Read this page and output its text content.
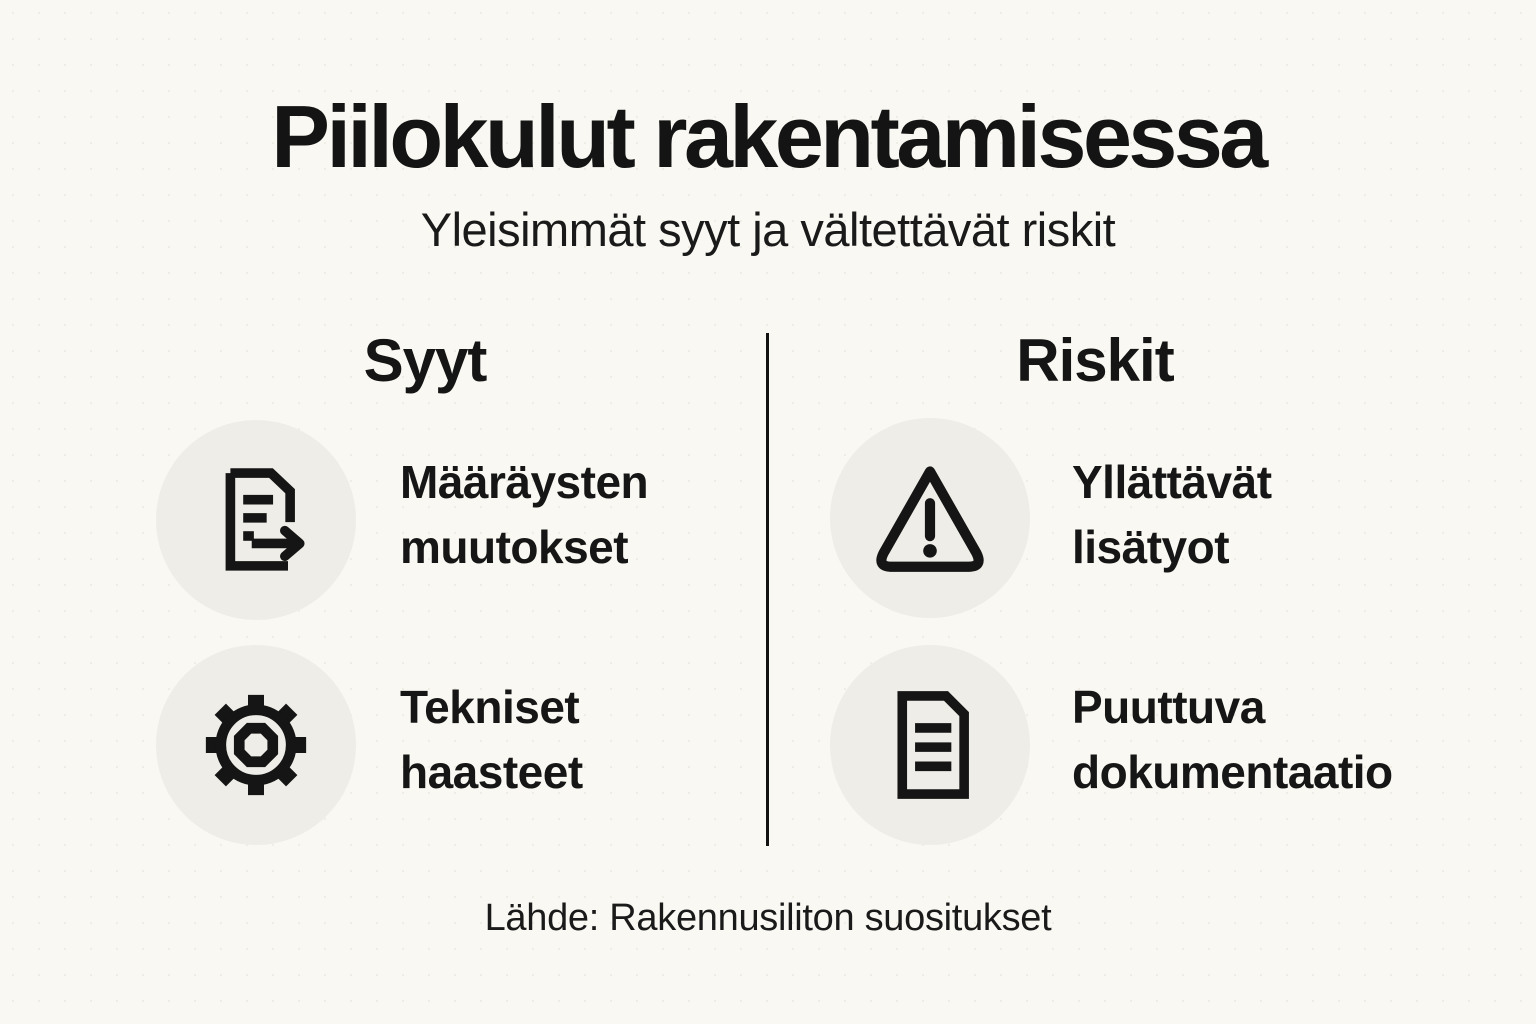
Piilokulut rakentamisessa
Yleisimmät syyt ja vältettävät riskit
Syyt	Riskit
Määräysten
muutokset
Tekniset
haasteet
Yllättävät
lisätyot
Puuttuva
dokumentaatio
Lähde: Rakennusiliton suositukset
